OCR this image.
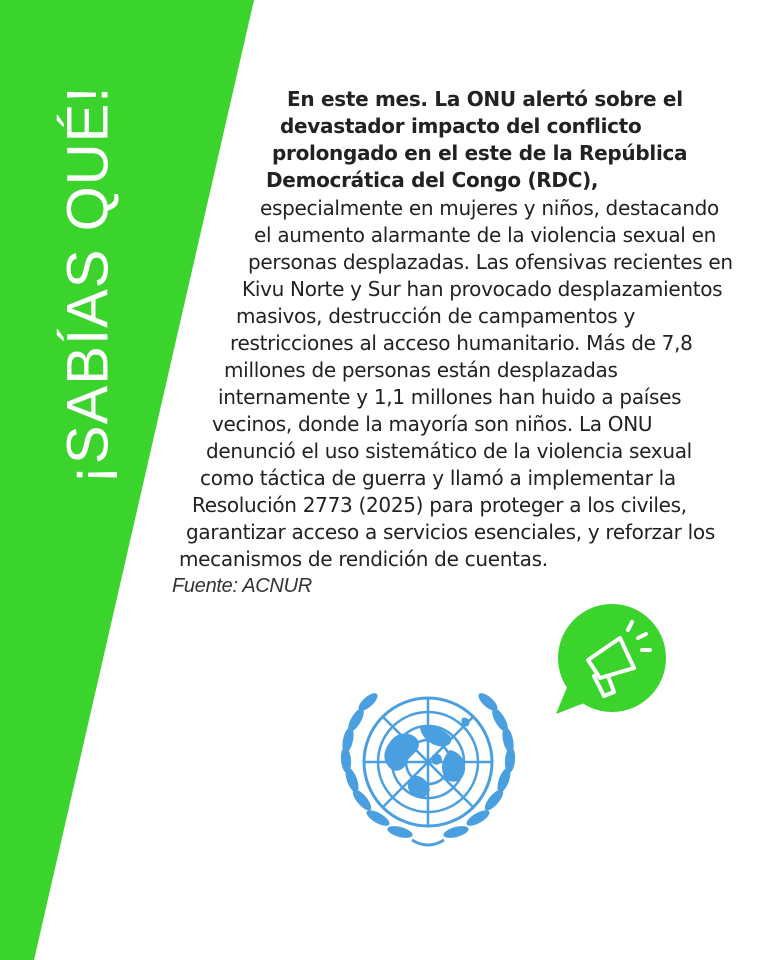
¡SABÍAS QUÉ!	En este mes. La ONU alertó sobre el
devastador impacto del conflicto
prolongado en el este de la República
Democrática del Congo (RDC),
especialmente en mujeres y niños, destacando
el aumento alarmante de la violencia sexual en
personas desplazadas. Las ofensivas recientes en
Kivu Norte y Sur han provocado desplazamientos
masivos, destrucción de campamentos y
restricciones al acceso humanitario. Más de 7,8
millones de personas están desplazadas
internamente y 1,1 millones han huido a países
vecinos, donde la mayoría son niños. La ONU
denunció el uso sistemático de la violencia sexual
como táctica de guerra y llamó a implementar la
Resolución 2773 (2025) para proteger a los civiles,
garantizar acceso a servicios esenciales, y reforzar los
mecanismos de rendición de cuentas.
Fuente: ACNUR
